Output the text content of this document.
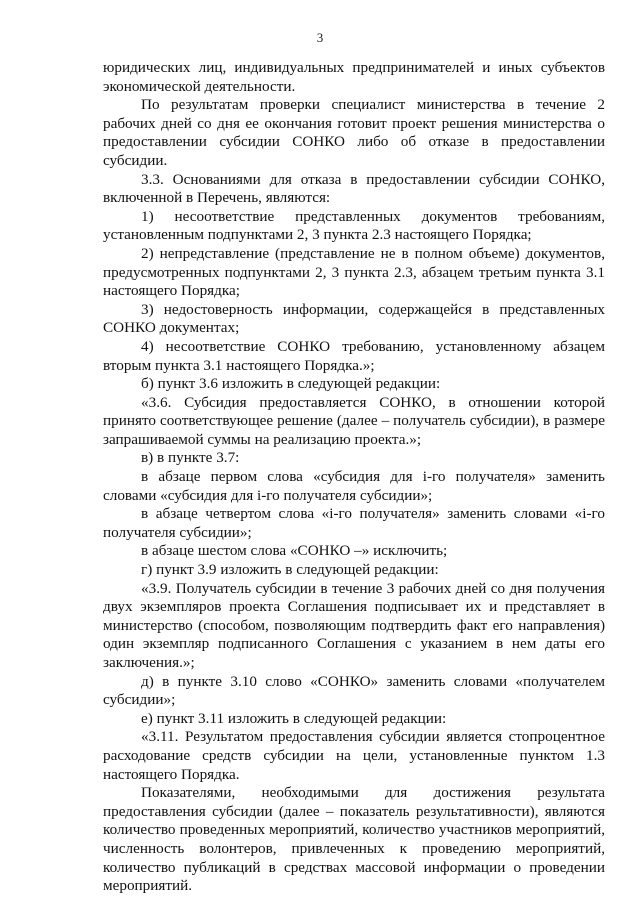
3

юридических лиц, индивидуальных предпринимателей и иных субъектов экономической деятельности.

По результатам проверки специалист министерства в течение 2 рабочих дней со дня ее окончания готовит проект решения министерства о предоставлении субсидии СОНКО либо об отказе в предоставлении субсидии.

3.3. Основаниями для отказа в предоставлении субсидии СОНКО, включенной в Перечень, являются:

1) несоответствие представленных документов требованиям, установленным подпунктами 2, 3 пункта 2.3 настоящего Порядка;

2) непредставление (представление не в полном объеме) документов, предусмотренных подпунктами 2, 3 пункта 2.3, абзацем третьим пункта 3.1 настоящего Порядка;

3) недостоверность информации, содержащейся в представленных СОНКО документах;

4) несоответствие СОНКО требованию, установленному абзацем вторым пункта 3.1 настоящего Порядка.»;

б) пункт 3.6 изложить в следующей редакции:

«3.6. Субсидия предоставляется СОНКО, в отношении которой принято соответствующее решение (далее – получатель субсидии), в размере запрашиваемой суммы на реализацию проекта.»;

в) в пункте 3.7:

в абзаце первом слова «субсидия для i-го получателя» заменить словами «субсидия для i-го получателя субсидии»;

в абзаце четвертом слова «i-го получателя» заменить словами «i-го получателя субсидии»;

в абзаце шестом слова «СОНКО –» исключить;

г) пункт 3.9 изложить в следующей редакции:

«3.9. Получатель субсидии в течение 3 рабочих дней со дня получения двух экземпляров проекта Соглашения подписывает их и представляет в министерство (способом, позволяющим подтвердить факт его направления) один экземпляр подписанного Соглашения с указанием в нем даты его заключения.»;

д) в пункте 3.10 слово «СОНКО» заменить словами «получателем субсидии»;

е) пункт 3.11 изложить в следующей редакции:

«3.11. Результатом предоставления субсидии является стопроцентное расходование средств субсидии на цели, установленные пунктом 1.3 настоящего Порядка.

Показателями, необходимыми для достижения результата предоставления субсидии (далее – показатель результативности), являются количество проведенных мероприятий, количество участников мероприятий, численность волонтеров, привлеченных к проведению мероприятий, количество публикаций в средствах массовой информации о проведении мероприятий.
